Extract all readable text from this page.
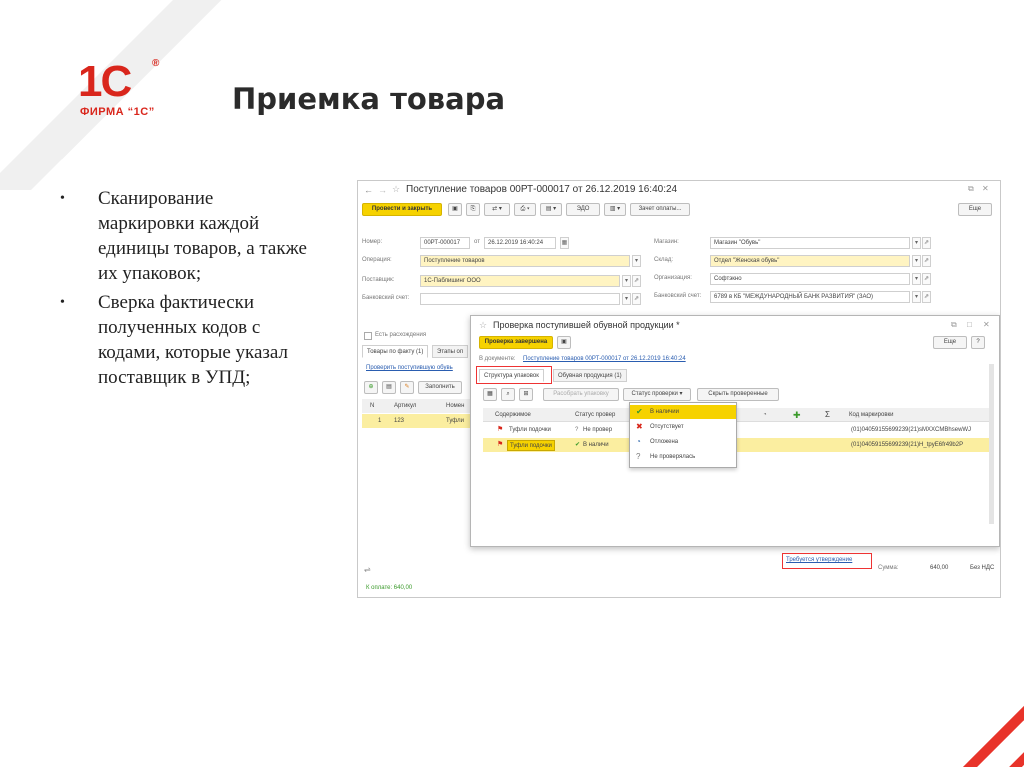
1С ®
ФИРМА “1С”	Приемка товара
• Сканирование маркировки каждой единицы товаров, а также их упаковок;
• Сверка фактически полученных кодов с кодами, которые указал поставщик в УПД;
← → ☆ Поступление товаров 00РТ-000017 от 26.12.2019 16:40:24	⧉ ✕
Провести и закрыть	▣	⎘	⇄ ▾	⎙ ▾	▤ ▾	ЭДО	▥ ▾	Зачет оплаты...	Еще
Номер:	00РТ-000017	от	26.12.2019 16:40:24	▦
Операция:	Поступление товаров	▾
Поставщик:	1С-Паблишинг ООО	▾ ⇗
Банковский счет:	▾ ⇗
Магазин:	Магазин "Обувь"	▾ ⇗
Склад:	Отдел "Женская обувь"	▾ ⇗
Организация:	Софтэкно	▾ ⇗
Банковский счет:	6789 в КБ "МЕЖДУНАРОДНЫЙ БАНК РАЗВИТИЯ" (ЗАО)	▾ ⇗
Есть расхождения
Товары по факту (1)	Этапы оп
Проверить поступившую обувь
⊕	▤	✎	Заполнить
N	Артикул	Номен
1 123	Туфли
☆ Проверка поступившей обувной продукции *	⧉ □ ✕
Проверка завершена	▣	Еще	?
В документе: Поступление товаров 00РТ-000017 от 26.12.2019 16:40:24
Структура упаковок	Обувная продукция (1)
▦	⌕	⊞	Расобрать упаковку	Статус проверки ▾	Скрыть проверенные
Содержимое	Статус провер	◔	✚	Σ	Код маркировки
⚑ Туфли подочки	? Не провер	(01)04059155699239(21)sMXXCMBhsewWJ
⚑	Туфли подочки	✔ В наличи	(01)04059155699239(21)H_tpyE6fr49b2P
✔ В наличии
✖ Отсутствует
◔ Отложена
? Не проверялась
⇌
Требуется утверждение
Сумма:	640,00	Без НДС
К оплате: 640,00
